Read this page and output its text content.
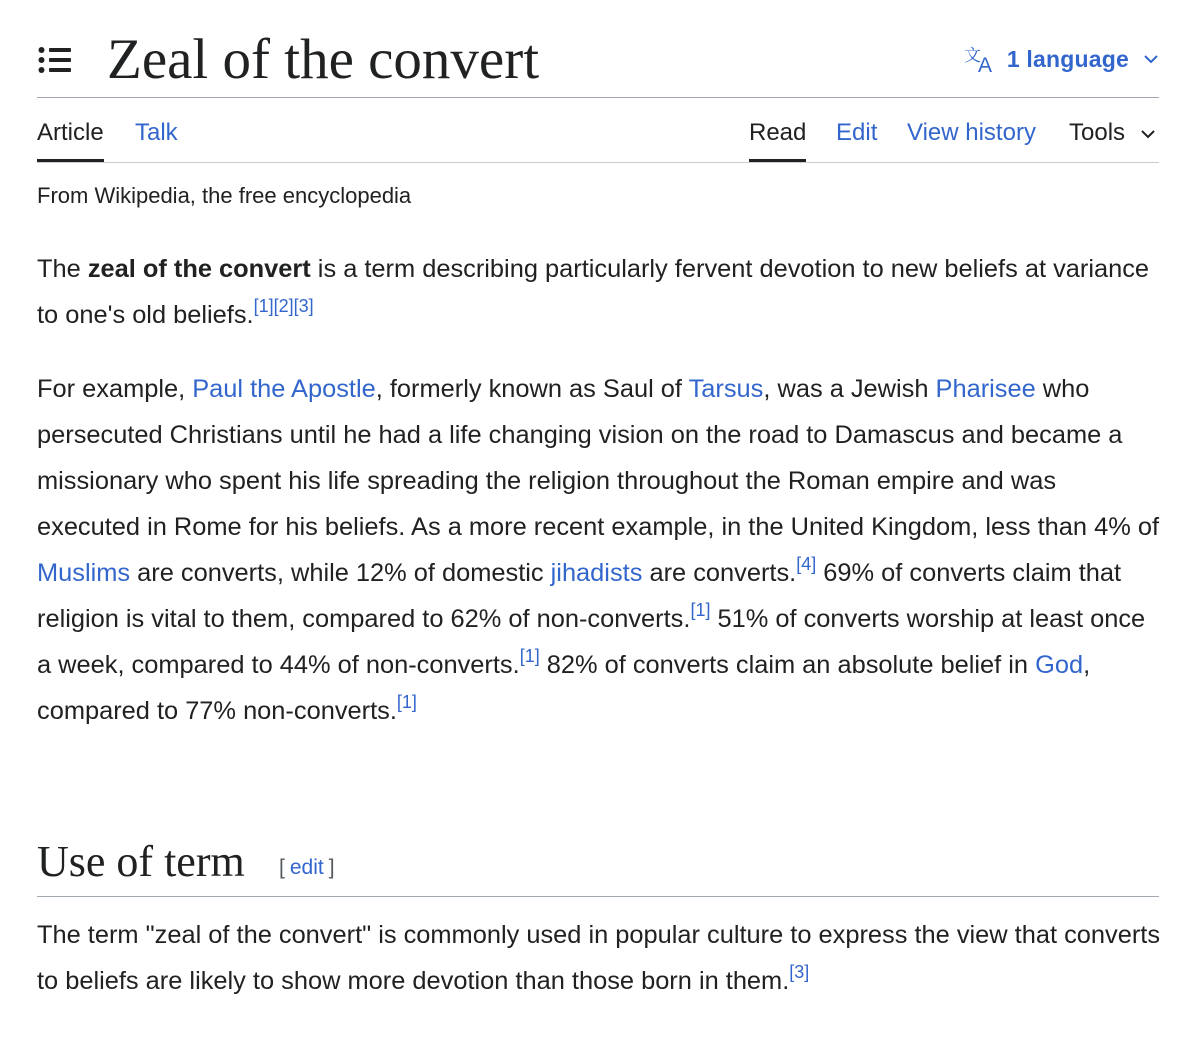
Zeal of the convert	文
A 1 language
Article Talk	Read Edit View history Tools
From Wikipedia, the free encyclopedia

The zeal of the convert is a term describing particularly fervent devotion to new beliefs at variance to one's old beliefs.[1][2][3]

For example, Paul the Apostle, formerly known as Saul of Tarsus, was a Jewish Pharisee who persecuted Christians until he had a life changing vision on the road to Damascus and became a missionary who spent his life spreading the religion throughout the Roman empire and was executed in Rome for his beliefs. As a more recent example, in the United Kingdom, less than 4% of Muslims are converts, while 12% of domestic jihadists are converts.[4] 69% of converts claim that religion is vital to them, compared to 62% of non-converts.[1] 51% of converts worship at least once a week, compared to 44% of non-converts.[1] 82% of converts claim an absolute belief in God, compared to 77% non-converts.[1]

Use of term [ edit ]

The term "zeal of the convert" is commonly used in popular culture to express the view that converts to beliefs are likely to show more devotion than those born in them.[3]
